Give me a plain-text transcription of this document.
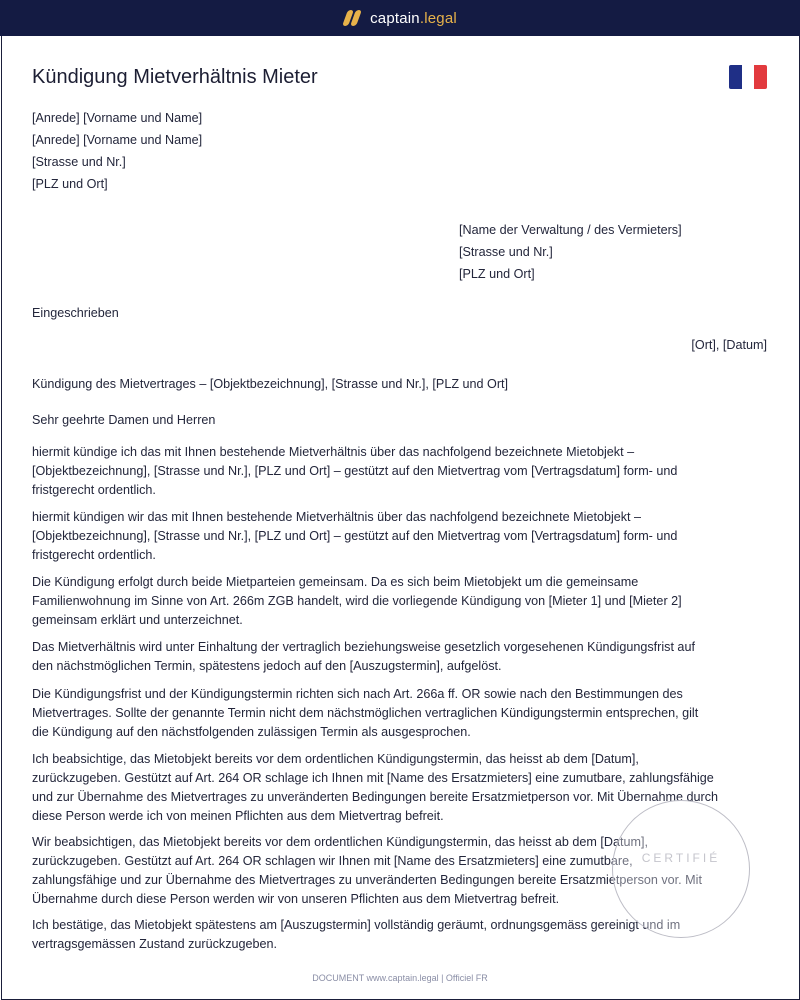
captain.legal
Kündigung Mietverhältnis Mieter
[Anrede] [Vorname und Name]
[Anrede] [Vorname und Name]
[Strasse und Nr.]
[PLZ und Ort]
[Name der Verwaltung / des Vermieters]
[Strasse und Nr.]
[PLZ und Ort]
Eingeschrieben
[Ort], [Datum]
Kündigung des Mietvertrages – [Objektbezeichnung], [Strasse und Nr.], [PLZ und Ort]
Sehr geehrte Damen und Herren
hiermit kündige ich das mit Ihnen bestehende Mietverhältnis über das nachfolgend bezeichnete Mietobjekt –
[Objektbezeichnung], [Strasse und Nr.], [PLZ und Ort] – gestützt auf den Mietvertrag vom [Vertragsdatum] form- und
fristgerecht ordentlich.
hiermit kündigen wir das mit Ihnen bestehende Mietverhältnis über das nachfolgend bezeichnete Mietobjekt –
[Objektbezeichnung], [Strasse und Nr.], [PLZ und Ort] – gestützt auf den Mietvertrag vom [Vertragsdatum] form- und
fristgerecht ordentlich.
Die Kündigung erfolgt durch beide Mietparteien gemeinsam. Da es sich beim Mietobjekt um die gemeinsame
Familienwohnung im Sinne von Art. 266m ZGB handelt, wird die vorliegende Kündigung von [Mieter 1] und [Mieter 2]
gemeinsam erklärt und unterzeichnet.
Das Mietverhältnis wird unter Einhaltung der vertraglich beziehungsweise gesetzlich vorgesehenen Kündigungsfrist auf
den nächstmöglichen Termin, spätestens jedoch auf den [Auszugstermin], aufgelöst.
Die Kündigungsfrist und der Kündigungstermin richten sich nach Art. 266a ff. OR sowie nach den Bestimmungen des
Mietvertrages. Sollte der genannte Termin nicht dem nächstmöglichen vertraglichen Kündigungstermin entsprechen, gilt
die Kündigung auf den nächstfolgenden zulässigen Termin als ausgesprochen.
Ich beabsichtige, das Mietobjekt bereits vor dem ordentlichen Kündigungstermin, das heisst ab dem [Datum],
zurückzugeben. Gestützt auf Art. 264 OR schlage ich Ihnen mit [Name des Ersatzmieters] eine zumutbare, zahlungsfähige
und zur Übernahme des Mietvertrages zu unveränderten Bedingungen bereite Ersatzmietperson vor. Mit Übernahme durch
diese Person werde ich von meinen Pflichten aus dem Mietvertrag befreit.
Wir beabsichtigen, das Mietobjekt bereits vor dem ordentlichen Kündigungstermin, das heisst ab dem [Datum],
zurückzugeben. Gestützt auf Art. 264 OR schlagen wir Ihnen mit [Name des Ersatzmieters] eine zumutbare,
zahlungsfähige und zur Übernahme des Mietvertrages zu unveränderten Bedingungen bereite Ersatzmietperson vor. Mit
Übernahme durch diese Person werden wir von unseren Pflichten aus dem Mietvertrag befreit.
Ich bestätige, das Mietobjekt spätestens am [Auszugstermin] vollständig geräumt, ordnungsgemäss gereinigt und im
vertragsgemässen Zustand zurückzugeben.
CERTIFIÉ
DOCUMENT www.captain.legal | Officiel FR
